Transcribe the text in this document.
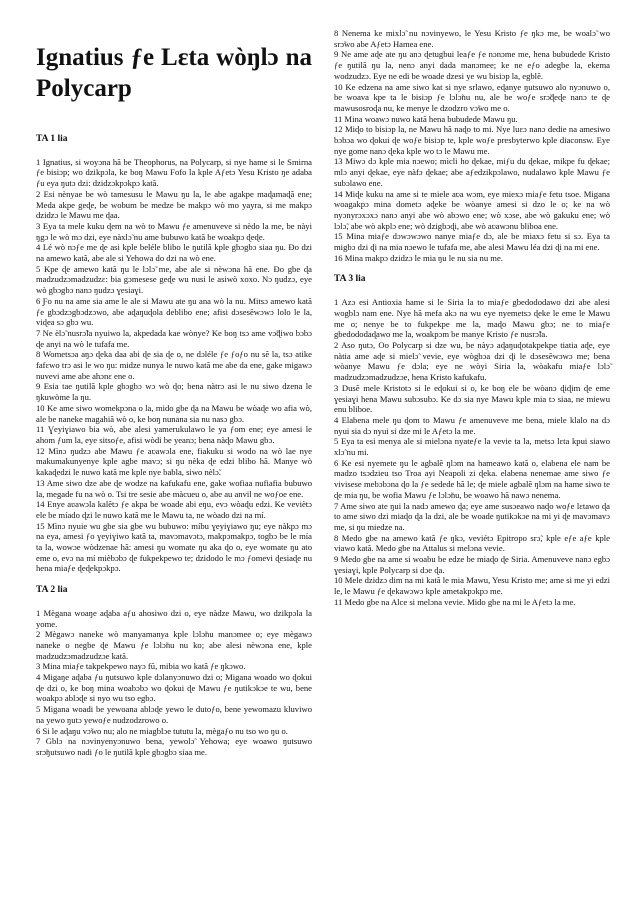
Ignatius ƒe Lɛta wòŋlɔ na Polycarp
TA 1 lia

1 Ignatius, si woyɔna hã be Theophorus, na Polycarp, si nye hame si le Smirna ƒe bisiɔp; wo dzikpɔla, ke boŋ Mawu Fofo la kple Aƒetɔ Yesu Kristo ŋe adaba ƒu eya ŋutɔ dzi: dzidzɔkpɔkpɔ katã.

2 Esi nènyae be wò tamesusu le Mawu ŋu la, le abe agakpe maɖamaɖã ene; Meda akpe geɖe, be wobum be medze be makpɔ wò mo yayra, si me makpɔ dzidzɔ le Mawu me ɖaa.

3 Eya ta mele kuku ɖem na wò to Mawu ƒe amenuveve si nèdo la me, be nàyi ŋgɔ le wò mɔ dzi, eye nàxlɔ̃ nu ame bubuwo katã be woakpɔ ɖeɖe.

4 Lé wò nɔƒe me ɖe asi kple beléle blibo le ŋutilã kple gbɔgbɔ siaa ŋu. Ðo dzi na amewo katã, abe ale si Yehowa do dzi na wò ene.

5 Kpe ɖe amewo katã ŋu le lɔlɔ̃ me, abe ale si nèwɔna hã ene. Ðo gbe ɖa madzudzɔmadzudzɛ: bia gɔmesese geɖe wu nusi le asiwò xoxo. Nɔ ŋudzɔ, eye wò gbɔgbɔ nanɔ ŋudzɔ ɣesiaɣi.

6 Ƒo nu na ame sia ame le ale si Mawu ate ŋu ana wò la nu. Mitsɔ amewo katã ƒe gbɔdzɔgbɔdzɔwo, abe aɖaŋuɖola deblibo ene; afisi dɔsesẽwɔwɔ lolo le la, viɖea sɔ gbɔ wu.

7 Ne èlɔ̃ nusrɔ̃la nyuiwo la, akpedada kae wònye? Ke boŋ tsɔ ame vɔ̃ɖiwo bɔbɔ ɖe anyi na wò le tufafa me.

8 Wometsɔa aŋɔ ɖeka daa abi ɖe sia ɖe o, ne dɔléle ƒe ƒoƒo nu sẽ la, tsɔ atike fafɛwo trɔ asi le wo ŋu: midze nunya le nuwo katã me abe da ene, gake migawɔ nuvevi ame abe ahɔnɛ ene o.

9 Esia tae ŋutilã kple gbɔgbɔ wɔ wò ɖo; bena nàtrɔ asi le nu siwo dzena le ŋkuwòme la ŋu.

10 Ke ame siwo womekpɔna o la, mido gbe ɖa na Mawu be wòaɖe wo afia wò, ale be naneke magahiã wò o, ke boŋ nunana sia nu nasɔ gbɔ.

11 Ɣeyiɣiawo bia wò, abe alesi yamerukulawo le ya ƒom ene; eye amesi le ahom ƒum la, eye sitsoƒe, afisi wòdi be yeanɔ; bena nàɖo Mawu gbɔ.

12 Mìnɔ ŋudzɔ abe Mawu ƒe aʋawɔla ene, fiakuku si wodo na wò lae nye makumakunyenye kple agbe mavɔ; si ŋu nèka ɖe edzi blibo hã. Manye wò kakaɖedzi le nuwo katã me kple nye babla, siwo nèlɔ̃.

13 Ame siwo dze abe ɖe wodze na kafukafu ene, gake wofiaa nufiafia bubuwo la, megade fu na wò o. Tsi tre sesie abe màcueu o, abe au anvil ne woƒoe ene.

14 Enye aʋawɔla kalẽtɔ ƒe akpa be woade abi eŋu, evɔ wòaɖu edzi. Ke veviètɔ ele be míado ɖzi le nuwo katã me le Mawu ta, ne wòado dzi na mí.

15 Mìnɔ nyuie wu gbe sia gbe wu bubuwo: míbu ɣeyiɣiawo ŋu; eye nàkpɔ mɔ na eya, amesi ƒo ɣeyiɣiwo katã ta, mavɔmavɔtɔ, makpɔmakpɔ, togbɔ be le mía ta la, wowɔe wòdzenae hã: amesi ŋu womate ŋu aka ɖo o, eye womate ŋu ato eme o, evɔ na mí mièbɔbɔ ɖe fukpekpewo te; dzidodo le mɔ ƒomevi ɖesiaɖe nu hena miaƒe ɖeɖekpɔkpɔ.

TA 2 lia

1 Mègana woaŋe aɖaba aƒu ahosiwo dzi o, eye nàdze Mawu, wo dzikpɔla la yome.

2 Mègawɔ naneke wò manyamanya kple lɔlɔ̃nu manɔmee o; eye mègawɔ naneke o negbe ɖe Mawu ƒe lɔlɔ̃nu nu ko; abe alesi nèwɔna ene, kple madzudzɔmadzudzɔe katã.

3 Mina miaƒe takpekpewo nayɔ fũ, mibia wo katã ƒe ŋkɔwo.

4 Migaŋe aɖaba ƒu ŋutsuwo kple dɔlanyɔnuwo dzi o; Migana woado wo ɖokui ɖe dzi o, ke boŋ mina woabɔbɔ wo ɖokui ɖe Mawu ƒe ŋutikɔkɔe te wu, bene woakpɔ ablɔɖe si nyo wu tso egbɔ.

5 Migana woadi be yewoana ablɔɖe yewo le dutoƒo, bene yewomazu kluviwo na yewo ŋutɔ yewoƒe nudzodzrowo o.

6 Si le aɖaŋu vɔ̃wo nu; alo ne miagblɔe tututu la, mègaƒo nu tso wo ŋu o.

7 Gblɔ na nɔvinyenyɔnuwo bena, yewolɔ̃ Yehowa; eye woawo ŋutsuwo srɔ̃ŋutsuwo nadi ƒo le ŋutilã kple gbɔgbɔ siaa me.

8 Nenema ke mixlɔ̃ nu nɔvinyewo, le Yesu Kristo ƒe ŋkɔ me, be woalɔ̃ wo srɔ̃wo abe Aƒetɔ Hamea ene.

9 Ne ame aɖe ate ŋu anɔ ɖetugbui leaƒe ƒe nɔnɔme me, hena bubudede Kristo ƒe ŋutilã ŋu la, nenɔ anyi dada manɔmee; ke ne eƒo adegbe la, ekema wodzudzɔ. Eye ne edi be woade dzesi ye wu bisiɔp la, egblẽ.

10 Ke edzena na ame siwo kat si nye srlawo, eɖanye ŋutsuwo alo nyɔnuwo o, be woava kpe ta le bisiɔp ƒe lɔlɔ̃nu nu, ale be woƒe srɔ̃ɖeɖe nanɔ te ɖe mawusosroɖa nu, ke menye le dzodzro vɔ̃wo me o.

11 Mina woawɔ nuwo katã hena bubudede Mawu ŋu.

12 Miɖo to bisiɔp la, ne Mawu hã naɖo to mi. Nye luɛɔ nanɔ dedie na amesiwo bɔbɔa wo ɖokui ɖe woƒe bisiɔp te, kple woƒe presbyterwo kple diaconsw. Eye nye gome nanɔ ɖeka kple wo tɔ le Mawu me.

13 Miwɔ dɔ kple mia nɔewo; mìcli ho ɖekae, miƒu du ɖekae, mikpe fu ɖekae; mlɔ anyi ɖekae, eye nàfɔ ɖekae; abe aƒedzikpɔlawo, nudalawo kple Mawu ƒe subɔlawo ene.

14 Miɖe kuku na ame si te miele aʋa wɔm, eye miexɔ miaƒe fetu tsoe. Migana woagakpɔ mina dometɔ aɖeke be wòanye amesi si dzo le o; ke na wò nyɔnyrɔxɔxɔ nanɔ anyi abe wò abɔwo ene; wò xɔse, abe wò gakuku ene; wò lɔlɔ̃, abe wò akplɔ ene; wò dzigbɔɖi, abe wò aʋawɔnu bliboa ene.

15 Mina miaƒe dɔwɔwɔwo nanye miaƒe dɔ, ale be miaxɔ fetu si sɔ. Eya ta migbɔ dzi ɖi na mia nɔewo le tufafa me, abe alesi Mawu léa dzi ɖi na mi ene.

16 Mina makpɔ dzidzɔ le mia ŋu le nu sia nu me.

TA 3 lia

1 Azɔ esi Antioxia hame si le Siria la to miaƒe gbedododawo dzi abe alesi wogblɔ nam ene. Nye hã mefa akɔ na wu eye nyemetsɔ ɖeke le eme le Mawu me o; nenye be to fukpekpe me la, maɖo Mawu gbɔ; ne to miaƒe gbedododaɖawo me la, woakpɔm be manye Kristo ƒe nusrɔ̃la.

2 Aso ŋutɔ, Oo Polycarp si dze wu, be nàyɔ aɖaŋuɖotakpekpe tiatia aɖe, eye nàtia ame aɖe si mielɔ̃ vevie, eye wògbɔa dzi ɖi le dɔsesẽwɔwɔ me; bena wòanye Mawu ƒe dɔla; eye ne wòyi Siria la, wòakafu miaƒe lɔlɔ̃ madzudzɔmadzudzɔe, hena Kristo kafukafu.

3 Dusẽ mele Kristotɔ si le eɖokui si o, ke boŋ ele be wòanɔ ɖiɖim ɖe eme ɣesiaɣi hena Mawu subɔsubɔ. Ke dɔ sia nye Mawu kple mia tɔ siaa, ne miewu enu bliboe.

4 Elabena mele ŋu ɖom to Mawu ƒe amenuveve me bena, miele klalo na dɔ nyui sia dɔ nyui si dze mi le Aƒetɔ la me.

5 Eya ta esi menya ale si mielɔna nyateƒe la vevie ta la, metsɔ lɛta kpui siawo xlɔ̃ nu mi.

6 Ke esi nyemete ŋu le agbalẽ ŋlɔm na hameawo katã o, elabena ele nam be madzo tsɔdzieu tso Troa ayi Neapoli zi ɖeka. elabena nenemae ame siwo ƒe vivisese mebɔbɔna ɖo la ƒe sedede hã le; ɖe miele agbalẽ ŋlɔm na hame siwo te ɖe mia ŋu, be wofia Mawu ƒe lɔlɔ̃nu, be woawo hã nawɔ nenema.

7 Ame siwo ate ŋui la nadɔ amewo ɖa; eye ame susɔeawo naɖo woƒe lɛtawo ɖa to ame siwo dzi miaɖo ɖa la dzi, ale be woade ŋutikɔkɔe na mi yi ɖe mavɔmavɔ me, si ŋu miedze na.

8 Medo gbe na amewo katã ƒe ŋkɔ, veviétɔ Epitropo srɔ̃, kple eƒe aƒe kple viawo katã. Medo gbe na Attalus si melɔna vevie.

9 Medo gbe na ame si woabu be edze be miaɖo ɖe Siria. Amenuveve nanɔ egbɔ ɣesiaɣi, kple Polycarp si dɔe ɖa.

10 Mele dzidzɔ dim na mi katã le mia Mawu, Yesu Kristo me; ame si me yi edzi le, le Mawu ƒe ɖekawɔwɔ kple ametakpɔkpɔ me.

11 Medo gbe na Alce si melɔna vevie. Mido gbe na mi le Aƒetɔ la me.
